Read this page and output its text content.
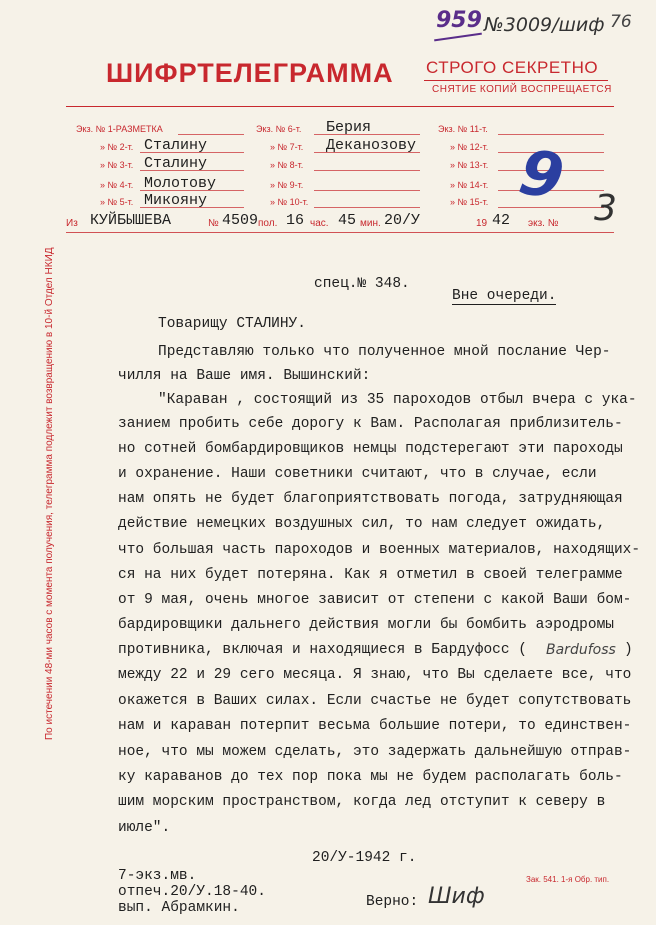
959 №3009/шиф 76
ШИФРТЕЛЕГРАММА СТРОГО СЕКРЕТНО
СНЯТИЕ КОПИЙ ВОСПРЕЩАЕТСЯ
Экз. № 1-РАЗМЕТКА
» № 2-т. Сталину
» № 3-т. Сталину
» № 4-т. Молотову
» № 5-т. Микояну
Экз. № 6-т. Берия
» № 7-т. Деканозову
» № 8-т.
» № 9-т.
» № 10-т.
Экз. № 11-т.
» № 12-т.
» № 13-т.
» № 14-т.
» № 15-т. 9 3
Из КУЙБЫШЕВА	№ 4509 пол. 16 час. 45 мин. 20/У	19 42 экз. №
спец.№ 348.
Вне очереди.
Товарищу СТАЛИНУ.
Представляю только что полученное мной послание Чер-
чилля на Ваше имя. Вышинский:
"Караван , состоящий из 35 пароходов отбыл вчера с ука-
занием пробить себе дорогу к Вам. Располагая приблизитель-
но сотней бомбардировщиков немцы подстерегают эти пароходы
и охранение. Наши советники считают, что в случае, если
нам опять не будет благоприятствовать погода, затрудняющая
действие немецких воздушных сил, то нам следует ожидать,
что большая часть пароходов и военных материалов, находящих-
ся на них будет потеряна. Как я отметил в своей телеграмме
от 9 мая, очень многое зависит от степени с какой Ваши бом-
бардировщики дальнего действия могли бы бомбить аэродромы
противника, включая и находящиеся в Бардуфосс ( Bardufoss )
между 22 и 29 сего месяца. Я знаю, что Вы сделаете все, что
окажется в Ваших силах. Если счастье не будет сопутствовать
нам и караван потерпит весьма большие потери, то единствен-
ное, что мы можем сделать, это задержать дальнейшую отправ-
ку караванов до тех пор пока мы не будем располагать боль-
шим морским пространством, когда лед отступит к северу в
июле".
20/У-1942 г.
7-экз.мв.
отпеч.20/У.18-40.
вып. Абрамкин.	Верно: Шиф
По истечении 48-ми часов с момента получения, телеграмма подлежит возвращению в 10-й Отдел НКИД
Зак. 541. 1-я Обр. тип.
